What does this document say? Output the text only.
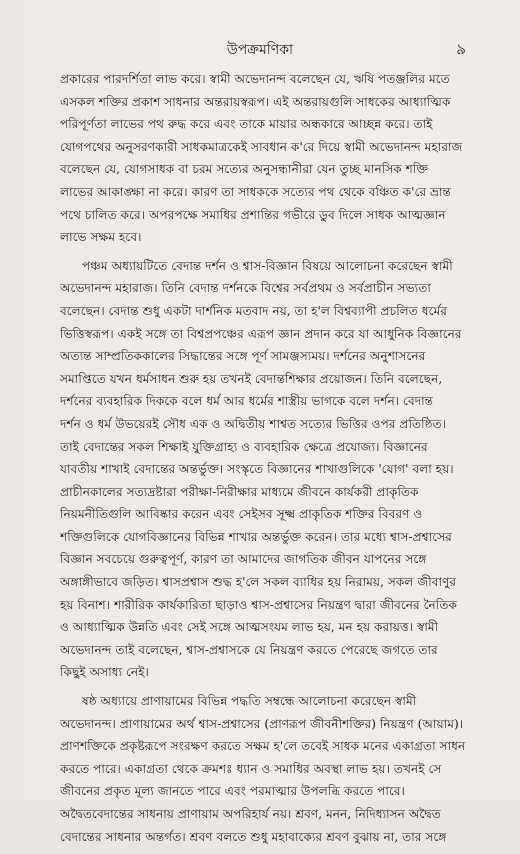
উপক্রমণিকা	৯

প্রকারের পারদর্শিতা লাভ করে। স্বামী অভেদানন্দ বলেছেন যে, ঋষি পতঞ্জলির মতে
এসকল শক্তির প্রকাশ সাধনার অন্তরায়স্বরূপ। এই অন্তরায়গুলি সাধকের আধ্যাত্মিক
পরিপূর্ণতা লাভের পথ রুদ্ধ করে এবং তাকে মায়ার অন্ধকারে আচ্ছন্ন করে। তাই
যোগপথের অনুসরণকারী সাধকমাত্রকেই সাবধান ক'রে দিয়ে স্বামী অভেদানন্দ মহারাজ
বলেছেন যে, যোগসাধক বা চরম সত্যের অনুসন্ধানীরা যেন তুচ্ছ মানসিক শক্তি
লাভের আকাঙ্ক্ষা না করে। কারণ তা সাধককে সত্যের পথ থেকে বঞ্চিত ক'রে ভ্রান্ত
পথে চালিত করে। অপরপক্ষে সমাধির প্রশান্তির গভীরে ডুব দিলে সাধক আত্মজ্ঞান
লাভে সক্ষম হবে।

পঞ্চম অধ্যায়টিতে বেদান্ত দর্শন ও শ্বাস-বিজ্ঞান বিষয়ে আলোচনা করেছেন স্বামী
অভেদানন্দ মহারাজ। তিনি বেদান্ত দর্শনকে বিশ্বের সর্বপ্রথম ও সর্বপ্রাচীন সভ্যতা
বলেছেন। বেদান্ত শুধু একটা দার্শনিক মতবাদ নয়, তা হ'ল বিশ্বব্যাপী প্রচলিত ধর্মের
ভিত্তিস্বরূপ। একই সঙ্গে তা বিশ্বপ্রপঞ্চের এরূপ জ্ঞান প্রদান করে যা আধুনিক বিজ্ঞানের
অত্যন্ত সাম্প্রতিককালের সিদ্ধান্তের সঙ্গে পূর্ণ সামঞ্জস্যময়। দর্শনের অনুশাসনের
সমাপ্তিতে যখন ধর্মসাধন শুরু হয় তখনই বেদান্তশিক্ষার প্রয়োজন। তিনি বলেছেন,
দর্শনের ব্যবহারিক দিককে বলে ধর্ম আর ধর্মের শাস্ত্রীয় ভাগকে বলে দর্শন। বেদান্ত
দর্শন ও ধর্ম উভয়েরই সৌধ এক ও অদ্বিতীয় শাশ্বত সত্যের ভিত্তির ওপর প্রতিষ্ঠিত।
তাই বেদান্তের সকল শিক্ষাই যুক্তিগ্রাহ্য ও ব্যবহারিক ক্ষেত্রে প্রযোজ্য। বিজ্ঞানের
যাবতীয় শাখাই বেদান্তের অন্তর্ভুক্ত। সংস্কৃতে বিজ্ঞানের শাখাগুলিকে 'যোগ' বলা হয়।
প্রাচীনকালের সত্যদ্রষ্টারা পরীক্ষা-নিরীক্ষার মাধ্যমে জীবনে কার্যকরী প্রাকৃতিক
নিয়মনীতিগুলি আবিষ্কার করেন এবং সেইসব সূক্ষ্ম প্রাকৃতিক শক্তির বিবরণ ও
শক্তিগুলিকে যোগবিজ্ঞানের বিভিন্ন শাখার অন্তর্ভুক্ত করেন। তার মধ্যে শ্বাস-প্রশ্বাসের
বিজ্ঞান সবচেয়ে গুরুত্বপূর্ণ, কারণ তা আমাদের জাগতিক জীবন যাপনের সঙ্গে
অঙ্গাঙ্গীভাবে জড়িত। শ্বাসপ্রশ্বাস শুদ্ধ হ'লে সকল ব্যাধির হয় নিরাময়, সকল জীবাণুর
হয় বিনাশ। শারীরিক কার্যকারিতা ছাড়াও শ্বাস-প্রশ্বাসের নিয়ন্ত্রণ দ্বারা জীবনের নৈতিক
ও আধ্যাত্মিক উন্নতি এবং সেই সঙ্গে আত্মসংযম লাভ হয়, মন হয় করায়ত্ত। স্বামী
অভেদানন্দ তাই বলেছেন, শ্বাস-প্রশ্বাসকে যে নিয়ন্ত্রণ করতে পেরেছে জগতে তার
কিছুই অসাধ্য নেই।

ষষ্ঠ অধ্যায়ে প্রাণায়ামের বিভিন্ন পদ্ধতি সম্বন্ধে আলোচনা করেছেন স্বামী
অভেদানন্দ। প্রাণায়ামের অর্থ শ্বাস-প্রশ্বাসের (প্রাণরূপ জীবনীশক্তির) নিয়ন্ত্রণ (আয়াম)।
প্রাণশক্তিকে প্রকৃষ্টরূপে সংরক্ষণ করতে সক্ষম হ'লে তবেই সাধক মনের একাগ্রতা সাধন
করতে পারে। একাগ্রতা থেকে ক্রমশঃ ধ্যান ও সমাধির অবস্থা লাভ হয়। তখনই সে
জীবনের প্রকৃত মূল্য জানতে পারে এবং পরমাত্মার উপলব্ধি করতে পারে।
অদ্বৈতবেদান্তের সাধনায় প্রাণায়াম অপরিহার্য নয়। শ্রবণ, মনন, নিদিধ্যাসন অদ্বৈত
বেদান্তের সাধনার অন্তর্গত। শ্রবণ বলতে শুধু মহাবাক্যের শ্রবণ বুঝায় না, তার সঙ্গে
